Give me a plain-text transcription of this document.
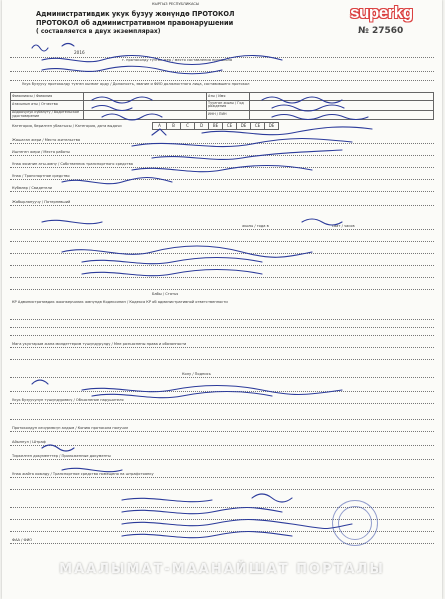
КЫРГЫЗ РЕСПУБЛИКАСЫ	superkg
Административдик укук бузуу жөнүндө ПРОТОКОЛ
ПРОТОКОЛ об административном правонарушении
( составляется в двух экземплярах)	№ 27560
2016
г. протоколду түзгөн жер / место составления протокола
Укук бузуучу протоколду түзгөн кызмат орду / Должность, звание и ФИО должностного лица, составившего протокол
Фамилиясы / Фамилия		Аты / Имя	
Атасынын аты / Отчество		Туулган жылы / Год рождения	
Айдоочулук күбөлүгү / Водительское удостоверение		ИНН / ПИН	
Категория, берилген убактысы / Категория, дата выдачи	A	B	C	D	BE	CE	DE	CE	DE
Жашаган жери / Место жительства
Иштеген жери / Место работы
Унаа ээсинин аты-жөнү / Собственник транспортного средства
Унаа / Транспортное средство
Күбөлөр / Свидетели
Жабырлануучу / Потерпевший
жылы / года в	саат / часов
Бабы / Статья
КР Административдик жоопкерчилик жөнүндө Кодексинин / Кодекса КР об административной ответственности
Мага укуктарым жана милдеттерим түшүндүрүлдү / Мне разъяснены права и обязанности
Колу / Подпись
Укук бузуучунун түшүндүрмөсү / Объяснение нарушителя
Протоколдун көчүрмөсүн алдым / Копию протокола получил
Айыппул / Штраф
Тиркелген документтер / Приложенные документы
Унаа жайга коюлду / Транспортное средство помещено на штрафстоянку
ФАА / ФИО
МААЛЫМАТ-МААНАЙШАТ ПОРТАЛЫ
